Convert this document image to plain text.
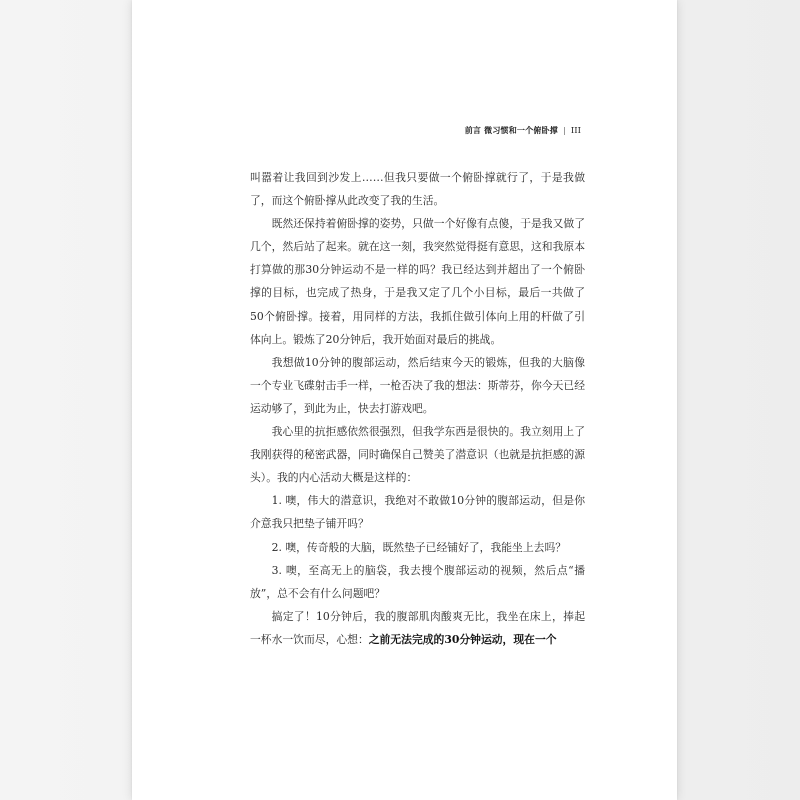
前言 微习惯和一个俯卧撑 III

叫嚣着让我回到沙发上……但我只要做一个俯卧撑就行了，于是我做了，而这个俯卧撑从此改变了我的生活。

既然还保持着俯卧撑的姿势，只做一个好像有点傻，于是我又做了几个，然后站了起来。就在这一刻，我突然觉得挺有意思，这和我原本打算做的那30分钟运动不是一样的吗？我已经达到并超出了一个俯卧撑的目标，也完成了热身，于是我又定了几个小目标，最后一共做了50个俯卧撑。接着，用同样的方法，我抓住做引体向上用的杆做了引体向上。锻炼了20分钟后，我开始面对最后的挑战。

我想做10分钟的腹部运动，然后结束今天的锻炼，但我的大脑像一个专业飞碟射击手一样，一枪否决了我的想法：斯蒂芬，你今天已经运动够了，到此为止，快去打游戏吧。

我心里的抗拒感依然很强烈，但我学东西是很快的。我立刻用上了我刚获得的秘密武器，同时确保自己赞美了潜意识（也就是抗拒感的源头）。我的内心活动大概是这样的：

1. 噢，伟大的潜意识，我绝对不敢做10分钟的腹部运动，但是你介意我只把垫子铺开吗？

2. 噢，传奇般的大脑，既然垫子已经铺好了，我能坐上去吗？

3. 噢，至高无上的脑袋，我去搜个腹部运动的视频，然后点“播放”，总不会有什么问题吧？

搞定了！10分钟后，我的腹部肌肉酸爽无比，我坐在床上，捧起一杯水一饮而尽，心想：之前无法完成的30分钟运动，现在一个
